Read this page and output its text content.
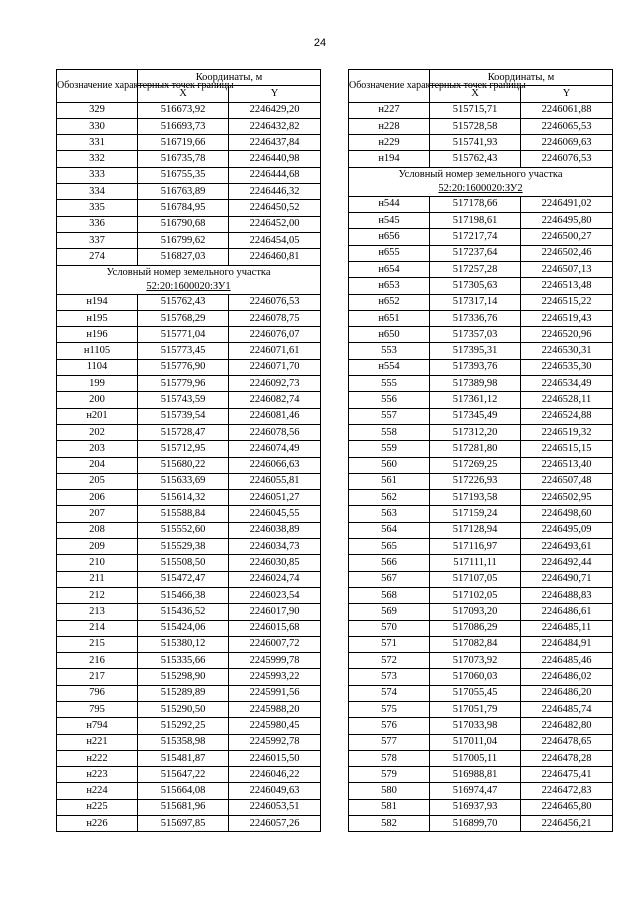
24
Обозначение характерных точек границы	Координаты, м	
	X	Y
329	516673,92	2246429,20
330	516693,73	2246432,82
331	516719,66	2246437,84
332	516735,78	2246440,98
333	516755,35	2246444,68
334	516763,89	2246446,32
335	516784,95	2246450,52
336	516790,68	2246452,00
337	516799,62	2246454,05
274	516827,03	2246460,81
Условный номер земельного участка
52:20:1600020:ЗУ1		
н194	515762,43	2246076,53
н195	515768,29	2246078,75
н196	515771,04	2246076,07
н1105	515773,45	2246071,61
1104	515776,90	2246071,70
199	515779,96	2246092,73
200	515743,59	2246082,74
н201	515739,54	2246081,46
202	515728,47	2246078,56
203	515712,95	2246074,49
204	515680,22	2246066,63
205	515633,69	2246055,81
206	515614,32	2246051,27
207	515588,84	2246045,55
208	515552,60	2246038,89
209	515529,38	2246034,73
210	515508,50	2246030,85
211	515472,47	2246024,74
212	515466,38	2246023,54
213	515436,52	2246017,90
214	515424,06	2246015,68
215	515380,12	2246007,72
216	515335,66	2245999,78
217	515298,90	2245993,22
796	515289,89	2245991,56
795	515290,50	2245988,20
н794	515292,25	2245980,45
н221	515358,98	2245992,78
н222	515481,87	2246015,50
н223	515647,22	2246046,22
н224	515664,08	2246049,63
н225	515681,96	2246053,51
н226	515697,85	2246057,26
Обозначение характерных точек границы	Координаты, м	
	X	Y
н227	515715,71	2246061,88
н228	515728,58	2246065,53
н229	515741,93	2246069,63
н194	515762,43	2246076,53
Условный номер земельного участка
52:20:1600020:ЗУ2		
н544	517178,66	2246491,02
н545	517198,61	2246495,80
н656	517217,74	2246500,27
н655	517237,64	2246502,46
н654	517257,28	2246507,13
н653	517305,63	2246513,48
н652	517317,14	2246515,22
н651	517336,76	2246519,43
н650	517357,03	2246520,96
553	517395,31	2246530,31
н554	517393,76	2246535,30
555	517389,98	2246534,49
556	517361,12	2246528,11
557	517345,49	2246524,88
558	517312,20	2246519,32
559	517281,80	2246515,15
560	517269,25	2246513,40
561	517226,93	2246507,48
562	517193,58	2246502,95
563	517159,24	2246498,60
564	517128,94	2246495,09
565	517116,97	2246493,61
566	517111,11	2246492,44
567	517107,05	2246490,71
568	517102,05	2246488,83
569	517093,20	2246486,61
570	517086,29	2246485,11
571	517082,84	2246484,91
572	517073,92	2246485,46
573	517060,03	2246486,02
574	517055,45	2246486,20
575	517051,79	2246485,74
576	517033,98	2246482,80
577	517011,04	2246478,65
578	517005,11	2246478,28
579	516988,81	2246475,41
580	516974,47	2246472,83
581	516937,93	2246465,80
582	516899,70	2246456,21
